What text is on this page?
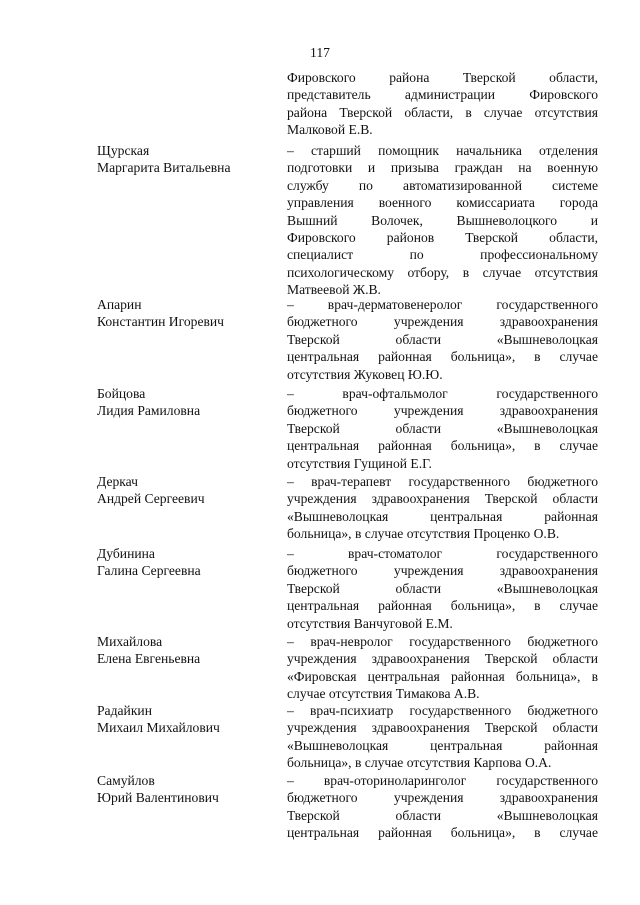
117
Фировского района Тверской области,
представитель администрации Фировского
района Тверской области, в случае отсутствия
Малковой Е.В.
Щурская
Маргарита Витальевна
– старший помощник начальника отделения
подготовки и призыва граждан на военную
службу по автоматизированной системе
управления военного комиссариата города
Вышний Волочек, Вышневолоцкого и
Фировского районов Тверской области,
специалист по профессиональному
психологическому отбору, в случае отсутствия
Матвеевой Ж.В.
Апарин
Константин Игоревич
– врач-дерматовенеролог государственного
бюджетного учреждения здравоохранения
Тверской области «Вышневолоцкая
центральная районная больница», в случае
отсутствия Жуковец Ю.Ю.
Бойцова
Лидия Рамиловна
– врач-офтальмолог государственного
бюджетного учреждения здравоохранения
Тверской области «Вышневолоцкая
центральная районная больница», в случае
отсутствия Гущиной Е.Г.
Деркач
Андрей Сергеевич
– врач-терапевт государственного бюджетного
учреждения здравоохранения Тверской области
«Вышневолоцкая центральная районная
больница», в случае отсутствия Проценко О.В.
Дубинина
Галина Сергеевна
– врач-стоматолог государственного
бюджетного учреждения здравоохранения
Тверской области «Вышневолоцкая
центральная районная больница», в случае
отсутствия Ванчуговой Е.М.
Михайлова
Елена Евгеньевна
– врач-невролог государственного бюджетного
учреждения здравоохранения Тверской области
«Фировская центральная районная больница», в
случае отсутствия Тимакова А.В.
Радайкин
Михаил Михайлович
– врач-психиатр государственного бюджетного
учреждения здравоохранения Тверской области
«Вышневолоцкая центральная районная
больница», в случае отсутствия Карпова О.А.
Самуйлов
Юрий Валентинович
– врач-оториноларинголог государственного
бюджетного учреждения здравоохранения
Тверской области «Вышневолоцкая
центральная районная больница», в случае
